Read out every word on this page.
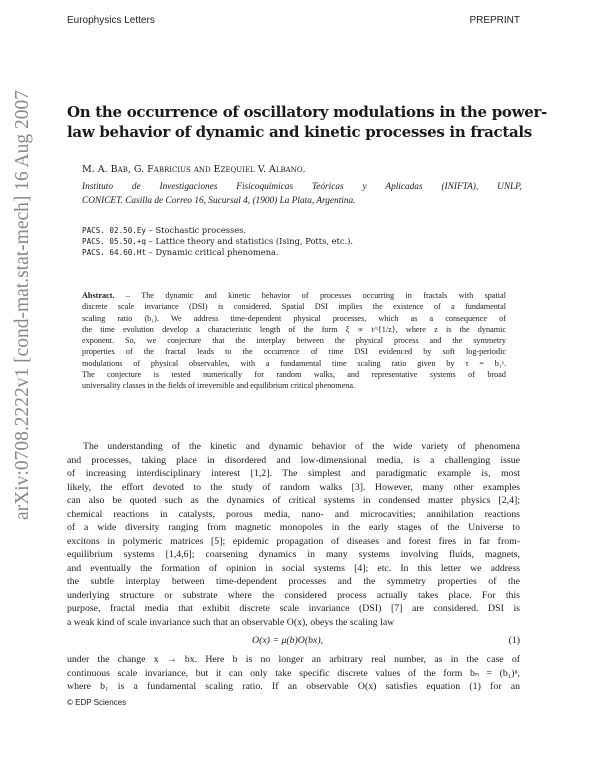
Europhysics Letters	PREPRINT
arXiv:0708.2222v1 [cond-mat.stat-mech] 16 Aug 2007 On the occurrence of oscillatory modulations in the power-
law behavior of dynamic and kinetic processes in fractals
M. A. Bab, G. Fabricius and Ezequiel V. Albano.
Instituto de Investigaciones Fisicoquímicas Teóricas y Aplicadas (INIFTA), UNLP,
CONICET. Casilla de Correo 16, Sucursal 4, (1900) La Plata, Argentina.
PACS. 02.50.Ey – Stochastic processes.
PACS. 05.50.+q – Lattice theory and statistics (Ising, Potts, etc.).
PACS. 64.60.Ht – Dynamic critical phenomena.
Abstract. – The dynamic and kinetic behavior of processes occurring in fractals with spatial
discrete scale invariance (DSI) is considered. Spatial DSI implies the existence of a fundamental
scaling ratio (b₁). We address time-dependent physical processes, which as a consequence of
the time evolution develop a characteristic length of the form ξ ∝ t^{1/z}, where z is the dynamic
exponent. So, we conjecture that the interplay between the physical process and the symmetry
properties of the fractal leads to the occurrence of time DSI evidenced by soft log-periodic
modulations of physical observables, with a fundamental time scaling ratio given by τ = b₁ᶻ.
The conjecture is tested numerically for random walks, and representative systems of broad
universality classes in the fields of irreversible and equilibrium critical phenomena.
The understanding of the kinetic and dynamic behavior of the wide variety of phenomena
and processes, taking place in disordered and low-dimensional media, is a challenging issue
of increasing interdisciplinary interest [1,2]. The simplest and paradigmatic example is, most
likely, the effort devoted to the study of random walks [3]. However, many other examples
can also be quoted such as the dynamics of critical systems in condensed matter physics [2,4];
chemical reactions in catalysts, porous media, nano- and microcavities; annihilation reactions
of a wide diversity ranging from magnetic monopoles in the early stages of the Universe to
excitons in polymeric matrices [5]; epidemic propagation of diseases and forest fires in far from-
equilibrium systems [1,4,6]; coarsening dynamics in many systems involving fluids, magnets,
and eventually the formation of opinion in social systems [4]; etc. In this letter we address
the subtle interplay between time-dependent processes and the symmetry properties of the
underlying structure or substrate where the considered process actually takes place. For this
purpose, fractal media that exhibit discrete scale invariance (DSI) [7] are considered. DSI is
a weak kind of scale invariance such that an observable O(x), obeys the scaling law
O(x) = μ(b)O(bx),	(1)
under the change x → bx. Here b is no longer an arbitrary real number, as in the case of
continuous scale invariance, but it can only take specific discrete values of the form bₙ = (b₁)ⁿ,
where b₁ is a fundamental scaling ratio. If an observable O(x) satisfies equation (1) for an
© EDP Sciences
